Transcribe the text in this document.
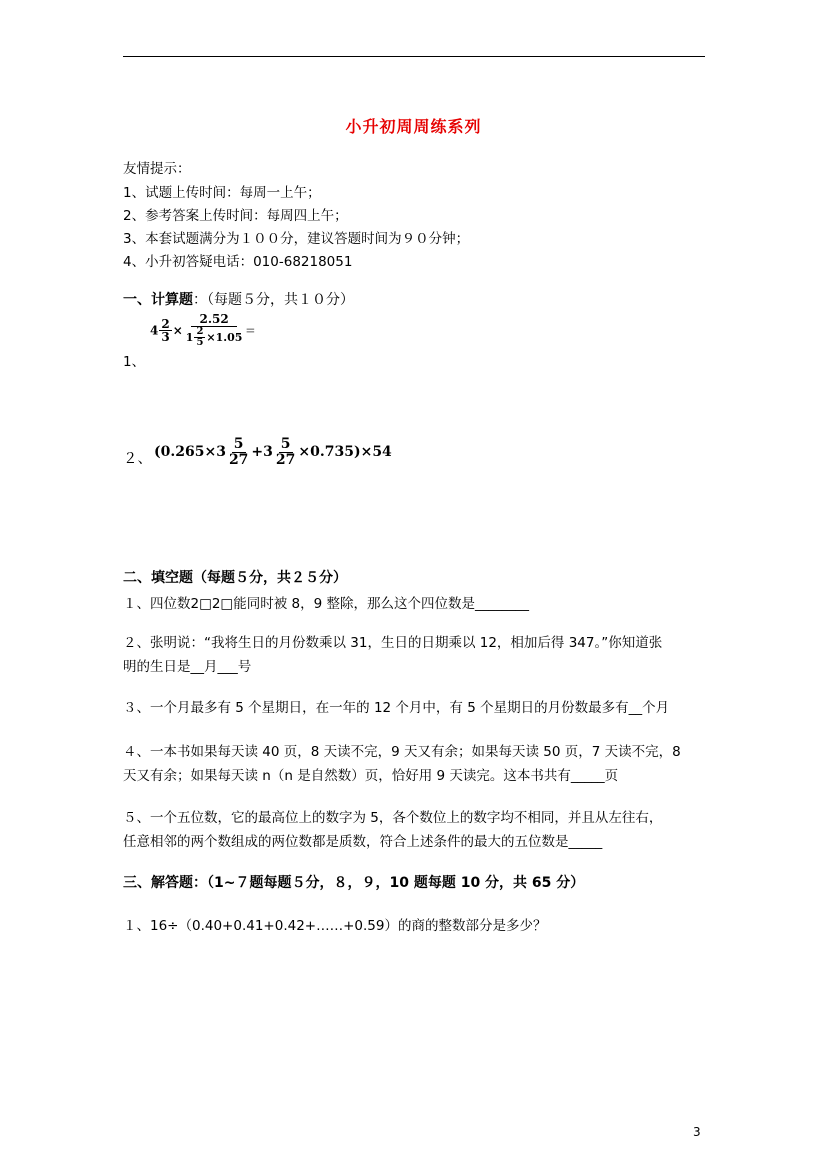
小升初周周练系列
友情提示：
1、试题上传时间：每周一上午；
2、参考答案上传时间：每周四上午；
3、本套试题满分为１００分，建议答题时间为９０分钟；
4、小升初答疑电话：010-68218051
一、计算题：（每题５分，共１０分）
$4 \frac{2}{3} \times \frac{2.52}{1 \frac{2}{5} \times 1.05}$ =
1、
２、 $(0.265\times 3 \frac{5}{27} +3 \frac{5}{27} \times 0.735)\times 54$
二、填空题（每题５分，共２５分）
１、四位数2□2□能同时被 8，9 整除，那么这个四位数是________
２、张明说：“我将生日的月份数乘以 31，生日的日期乘以 12，相加后得 347。”你知道张
明的生日是__月___号
３、一个月最多有 5 个星期日，在一年的 12 个月中，有 5 个星期日的月份数最多有__个月
４、一本书如果每天读 40 页，8 天读不完，9 天又有余；如果每天读 50 页，7 天读不完，8
天又有余；如果每天读 n（n 是自然数）页，恰好用 9 天读完。这本书共有_____页
５、一个五位数，它的最高位上的数字为 5，各个数位上的数字均不相同，并且从左往右，
任意相邻的两个数组成的两位数都是质数，符合上述条件的最大的五位数是_____
三、解答题：（1~７题每题５分，８，９，10 题每题 10 分，共 65 分）
１、16÷（0.40+0.41+0.42+……+0.59）的商的整数部分是多少？
3
